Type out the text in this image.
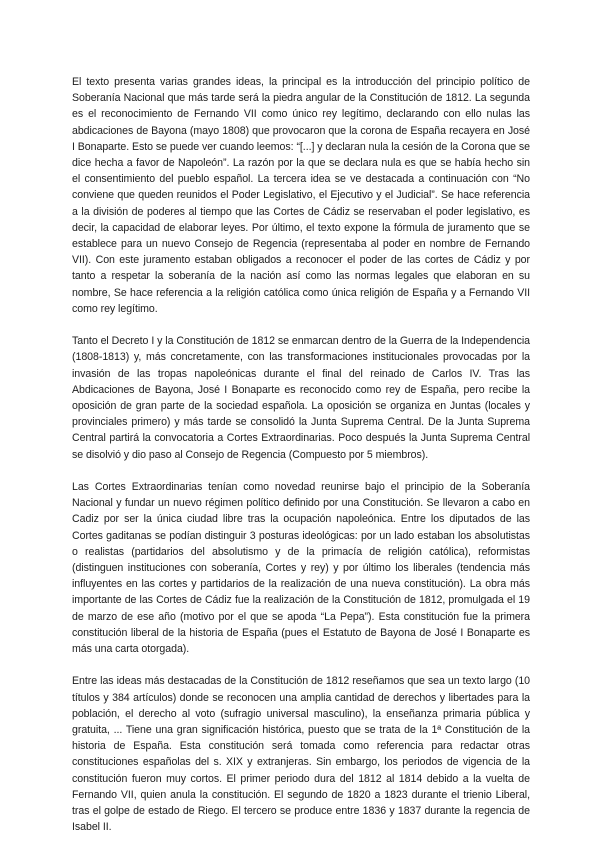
El texto presenta varias grandes ideas, la principal es la introducción del principio político de Soberanía Nacional que más tarde será la piedra angular de la Constitución de 1812. La segunda es el reconocimiento de Fernando VII como único rey legítimo, declarando con ello nulas las abdicaciones de Bayona (mayo 1808) que provocaron que la corona de España recayera en José I Bonaparte. Esto se puede ver cuando leemos: “[...] y declaran nula la cesión de la Corona que se dice hecha a favor de Napoleón”. La razón por la que se declara nula es que se había hecho sin el consentimiento del pueblo español. La tercera idea se ve destacada a continuación con “No conviene que queden reunidos el Poder Legislativo, el Ejecutivo y el Judicial”. Se hace referencia a la división de poderes al tiempo que las Cortes de Cádiz se reservaban el poder legislativo, es decir, la capacidad de elaborar leyes. Por último, el texto expone la fórmula de juramento que se establece para un nuevo Consejo de Regencia (representaba al poder en nombre de Fernando VII). Con este juramento estaban obligados a reconocer el poder de las cortes de Cádiz y por tanto a respetar la soberanía de la nación así como las normas legales que elaboran en su nombre, Se hace referencia a la religión católica como única religión de España y a Fernando VII como rey legítimo.

Tanto el Decreto I y la Constitución de 1812 se enmarcan dentro de la Guerra de la Independencia (1808-1813) y, más concretamente, con las transformaciones institucionales provocadas por la invasión de las tropas napoleónicas durante el final del reinado de Carlos IV. Tras las Abdicaciones de Bayona, José I Bonaparte es reconocido como rey de España, pero recibe la oposición de gran parte de la sociedad española. La oposición se organiza en Juntas (locales y provinciales primero) y más tarde se consolidó la Junta Suprema Central. De la Junta Suprema Central partirá la convocatoria a Cortes Extraordinarias. Poco después la Junta Suprema Central se disolvió y dio paso al Consejo de Regencia (Compuesto por 5 miembros).

Las Cortes Extraordinarias tenían como novedad reunirse bajo el principio de la Soberanía Nacional y fundar un nuevo régimen político definido por una Constitución. Se llevaron a cabo en Cadiz por ser la única ciudad libre tras la ocupación napoleónica. Entre los diputados de las Cortes gaditanas se podían distinguir 3 posturas ideológicas: por un lado estaban los absolutistas o realistas (partidarios del absolutismo y de la primacía de religión católica), reformistas (distinguen instituciones con soberanía, Cortes y rey) y por último los liberales (tendencia más influyentes en las cortes y partidarios de la realización de una nueva constitución). La obra más importante de las Cortes de Cádiz fue la realización de la Constitución de 1812, promulgada el 19 de marzo de ese año (motivo por el que se apoda “La Pepa”). Esta constitución fue la primera constitución liberal de la historia de España (pues el Estatuto de Bayona de José I Bonaparte es más una carta otorgada).

Entre las ideas más destacadas de la Constitución de 1812 reseñamos que sea un texto largo (10 títulos y 384 artículos) donde se reconocen una amplia cantidad de derechos y libertades para la población, el derecho al voto (sufragio universal masculino), la enseñanza primaria pública y gratuita, ... Tiene una gran significación histórica, puesto que se trata de la 1ª Constitución de la historia de España. Esta constitución será tomada como referencia para redactar otras constituciones españolas del s. XIX y extranjeras. Sin embargo, los periodos de vigencia de la constitución fueron muy cortos. El primer periodo dura del 1812 al 1814 debido a la vuelta de Fernando VII, quien anula la constitución. El segundo de 1820 a 1823 durante el trienio Liberal, tras el golpe de estado de Riego. El tercero se produce entre 1836 y 1837 durante la regencia de Isabel II.
